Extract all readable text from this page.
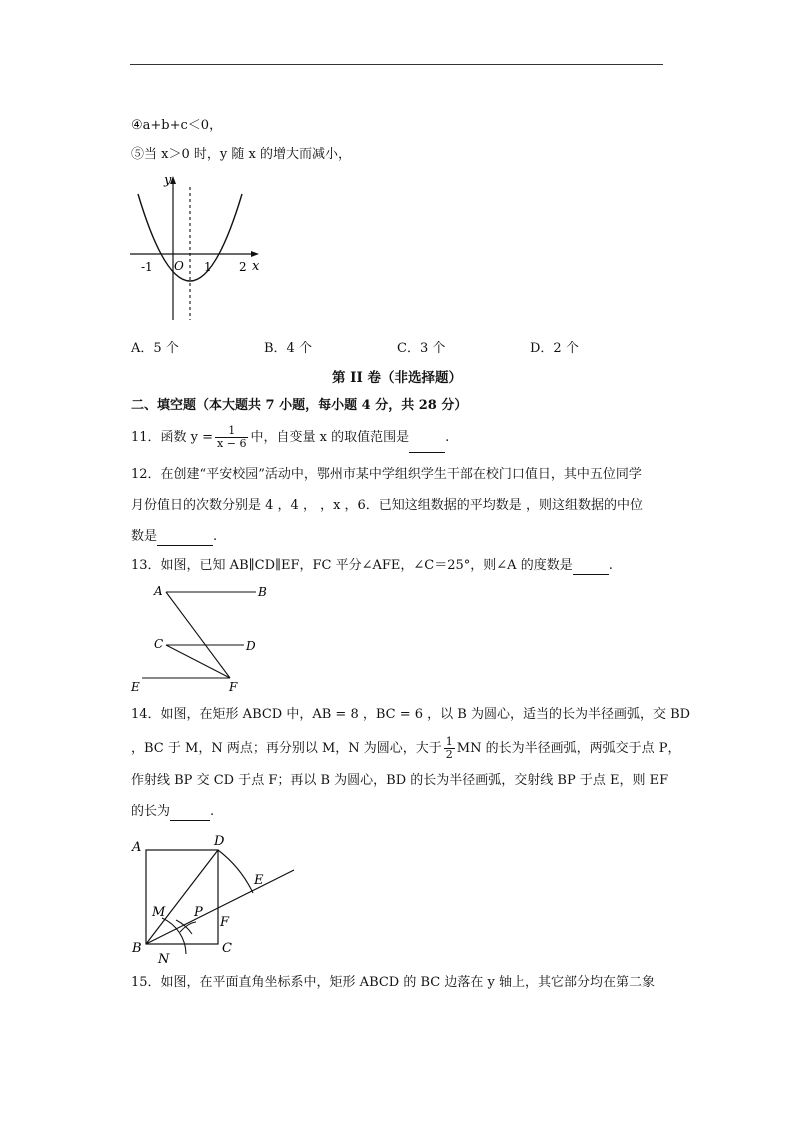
④a+b+c＜0，
⑤当 x＞0 时，y 随 x 的增大而减小，
y
x
O
-1	1 2
A．5 个	B．4 个	C．3 个	D．2 个
第 II 卷（非选择题）
二、填空题（本大题共 7 小题，每小题 4 分，共 28 分）
11．函数 $y = \frac{1}{x - 6}$ 中，自变量 x 的取值范围是	.
12．在创建“平安校园”活动中，鄂州市某中学组织学生干部在校门口值日，其中五位同学
月份值日的次数分别是 4 ，4 ， ，x ，6．已知这组数据的平均数是 ，则这组数据的中位
数是	.
13．如图，已知 AB∥CD∥EF，FC 平分∠AFE，∠C＝25°，则∠A 的度数是	.
A	B
C	D
E	F
14．如图，在矩形 ABCD 中，AB = 8 ，BC = 6 ，以 B 为圆心，适当的长为半径画弧，交 BD
，BC 于 M，N 两点；再分别以 M，N 为圆心，大于 $\frac{1}{2}$ MN 的长为半径画弧，两弧交于点 P，
作射线 BP 交 CD 于点 F；再以 B 为圆心，BD 的长为半径画弧，交射线 BP 于点 E，则 EF
的长为	.
A	D
E
M P
F
B	C
N
15．如图，在平面直角坐标系中，矩形 ABCD 的 BC 边落在 y 轴上，其它部分均在第二象
